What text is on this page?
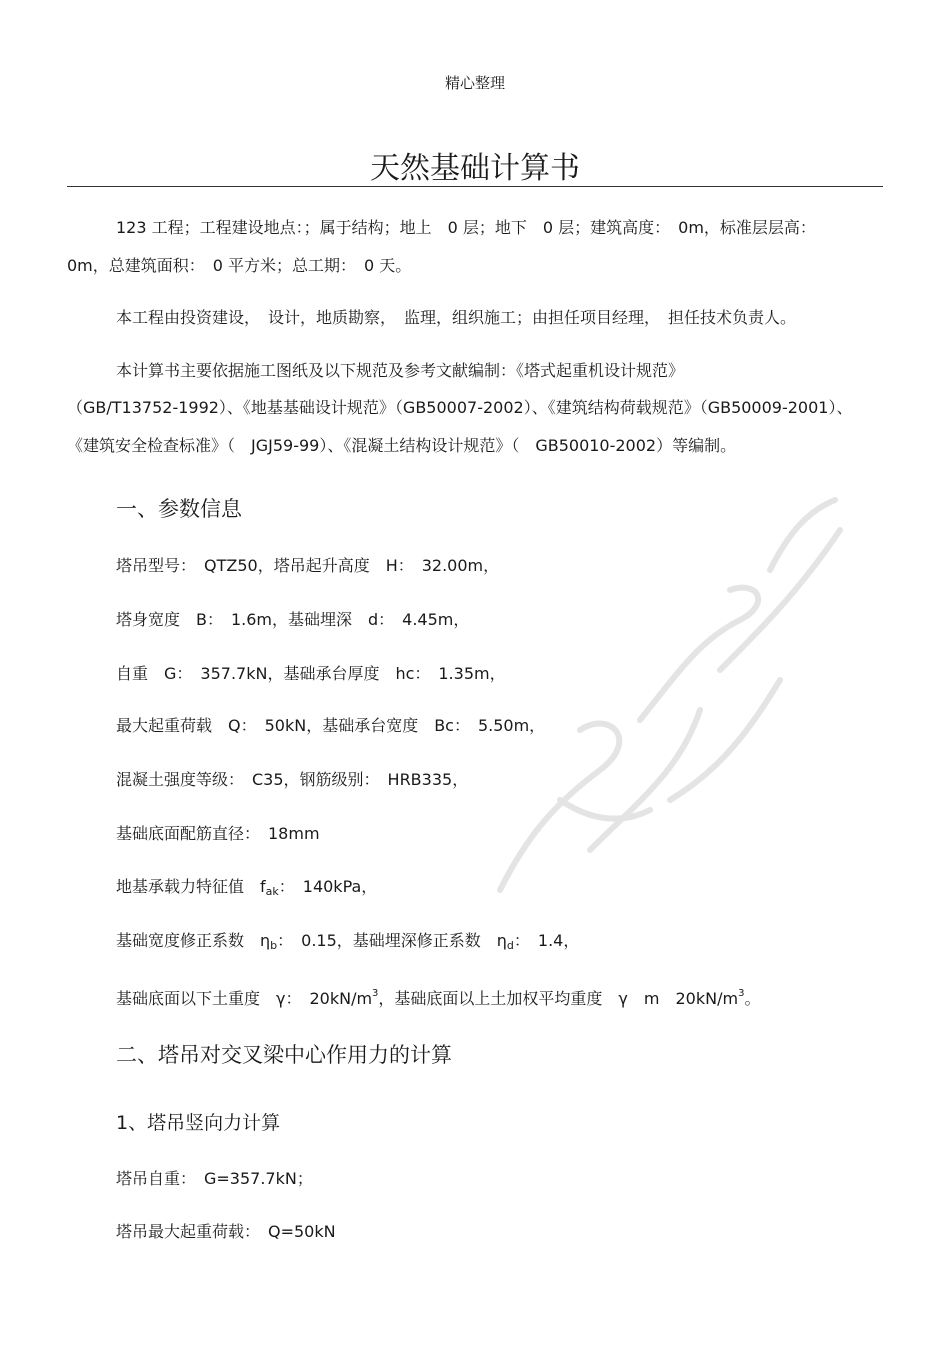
精心整理
天然基础计算书
123 工程；工程建设地点：；属于结构；地上　0 层；地下　0 层；建筑高度：　0m，标准层层高：
0m，总建筑面积：　0 平方米；总工期：　0 天。
本工程由投资建设，　设计，地质勘察，　监理，组织施工；由担任项目经理，　担任技术负责人。
本计算书主要依据施工图纸及以下规范及参考文献编制：《塔式起重机设计规范》
（GB/T13752-1992）、《地基基础设计规范》（GB50007-2002）、《建筑结构荷载规范》（GB50009-2001）、
《建筑安全检查标准》（　JGJ59-99）、《混凝土结构设计规范》（　GB50010-2002）等编制。
一、参数信息
塔吊型号：　QTZ50，塔吊起升高度　H：　32.00m，
塔身宽度　B：　1.6m，基础埋深　d：　4.45m，
自重　G：　357.7kN，基础承台厚度　hc：　1.35m，
最大起重荷载　Q：　50kN，基础承台宽度　Bc：　5.50m，
混凝土强度等级：　C35，钢筋级别：　HRB335，
基础底面配筋直径：　18mm
地基承载力特征值　$f_{ak}$：　140kPa，
基础宽度修正系数　$\eta_b$：　0.15，基础埋深修正系数　$\eta_d$：　1.4，
基础底面以下土重度　γ：　$20kN/m^3$，基础底面以上土加权平均重度　γ　m　$20kN/m^3$。
二、塔吊对交叉梁中心作用力的计算
1、塔吊竖向力计算
塔吊自重：　G=357.7kN；
塔吊最大起重荷载：　Q=50kN
